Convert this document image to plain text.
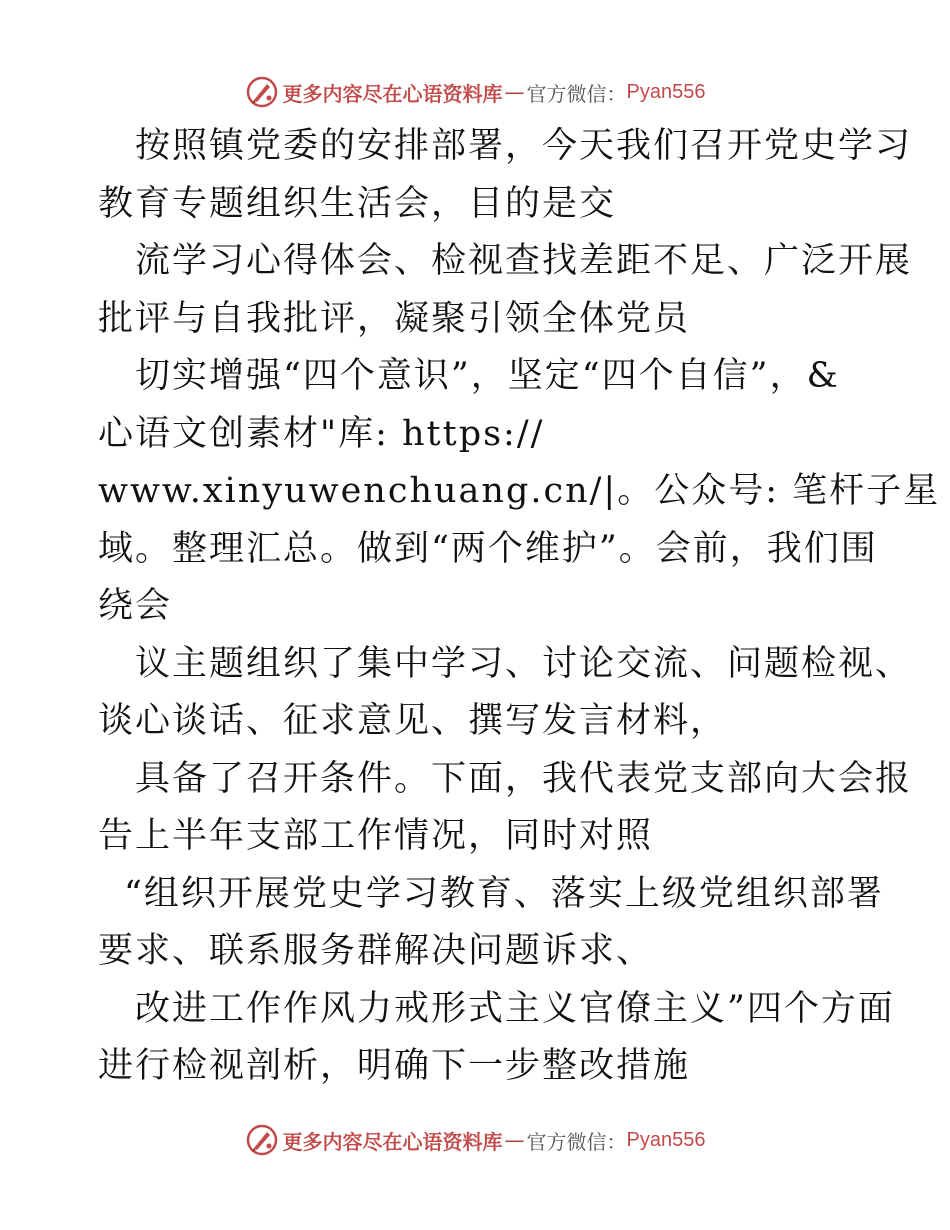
更多内容尽在心语资料库 — 官方微信： Pyan556
按照镇党委的安排部署，今天我们召开党史学习
教育专题组织生活会，目的是交
流学习心得体会、检视查找差距不足、广泛开展
批评与自我批评，凝聚引领全体党员
切实增强“四个意识”，坚定“四个自信”，&
心语文创素材"库: https://
www.xinyuwenchuang.cn/|。公众号: 笔杆子星
域。整理汇总。做到“两个维护”。会前，我们围
绕会
议主题组织了集中学习、讨论交流、问题检视、
谈心谈话、征求意见、撰写发言材料，
具备了召开条件。下面，我代表党支部向大会报
告上半年支部工作情况，同时对照
“组织开展党史学习教育、落实上级党组织部署
要求、联系服务群解决问题诉求、
改进工作作风力戒形式主义官僚主义”四个方面
进行检视剖析，明确下一步整改措施
更多内容尽在心语资料库 — 官方微信： Pyan556
